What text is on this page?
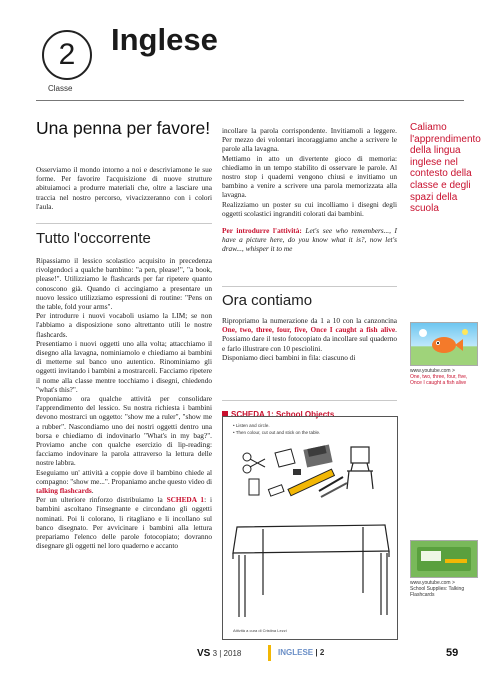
2
Classe
Inglese
Una penna per favore!

Osserviamo il mondo intorno a noi e descriviamone le sue forme. Per favorire l'acquisizione di nuove strutture abituiamoci a produrre materiali che, oltre a lasciare una traccia nel nostro percorso, vivacizzeranno con i colori l'aula.

Tutto l'occorrente

Ripassiamo il lessico scolastico acquisito in precedenza rivolgendoci a qualche bambino: "a pen, please!", "a book, please!". Utilizziamo le flashcards per far ripetere quanto conoscono già. Quando ci accingiamo a presentare un nuovo lessico utilizziamo espressioni di routine: "Pens on the table, fold your arms".

Per introdurre i nuovi vocaboli usiamo la LIM; se non l'abbiamo a disposizione sono altrettanto utili le nostre flashcards.

Presentiamo i nuovi oggetti uno alla volta; attacchiamo il disegno alla lavagna, nominiamolo e chiediamo ai bambini di metterne sul banco uno autentico. Rinominiamo gli oggetti invitando i bambini a mostrarceli. Facciamo ripetere il nome alla classe mentre tocchiamo i disegni, chiedendo "what's this?".

Proponiamo ora qualche attività per consolidare l'apprendimento del lessico. Su nostra richiesta i bambini devono mostrarci un oggetto: "show me a ruler", "show me a rubber". Nascondiamo uno dei nostri oggetti dentro una borsa e chiediamo di indovinarlo "What's in my bag?". Proviamo anche con qualche esercizio di lip-reading: facciamo indovinare la parola attraverso la lettura delle nostre labbra.

Eseguiamo un' attività a coppie dove il bambino chiede al compagno: "show me...". Propaniamo anche questo video di talking flashcards.

Per un ulteriore rinforzo distribuiamo la SCHEDA 1: i bambini ascoltano l'insegnante e circondano gli oggetti nominati. Poi li colorano, li ritagliano e li incollano sul banco disegnato. Per avvicinare i bambini alla lettura prepariamo l'elenco delle parole fotocopiato; dovranno disegnare gli oggetti nel loro quaderno e accanto

incollare la parola corrispondente. Invitiamoli a leggere. Per mezzo dei volontari incoraggiamo anche a scrivere le parole alla lavagna.

Mettiamo in atto un divertente gioco di memoria: chiediamo in un tempo stabilito di osservare le parole. Al nostro stop i quaderni vengono chiusi e invitiamo un bambino a venire a scrivere una parola memorizzata alla lavagna.

Realizziamo un poster su cui incolliamo i disegni degli oggetti scolastici ingranditi colorati dai bambini.

Per introdurre l'attività: Let's see who remembers..., I have a picture here, do you know what it is?, now let's draw..., whisper it to me

Ora contiamo

Ripropriamo la numerazione da 1 a 10 con la canzoncina One, two, three, four, five, Once I caught a fish alive. Possiamo dare il testo fotocopiato da incollare sul quaderno e farlo illustrare con 10 pesciolini.

Disponiamo dieci bambini in fila: ciascuno di

Caliamo l'apprendimento della lingua inglese nel contesto della classe e degli spazi della scuola
www.youtube.com >
One, two, three, four, five, Once I caught a fish alive
www.youtube.com >
School Supplies: Talking Flashcards
SCHEDA 1: School Objects
• Listen and circle.
• Then colour, cut out and stick on the table.
Attività a cura di Cristina Lezzi
VS 3 | 2018	INGLESE | 2	59
